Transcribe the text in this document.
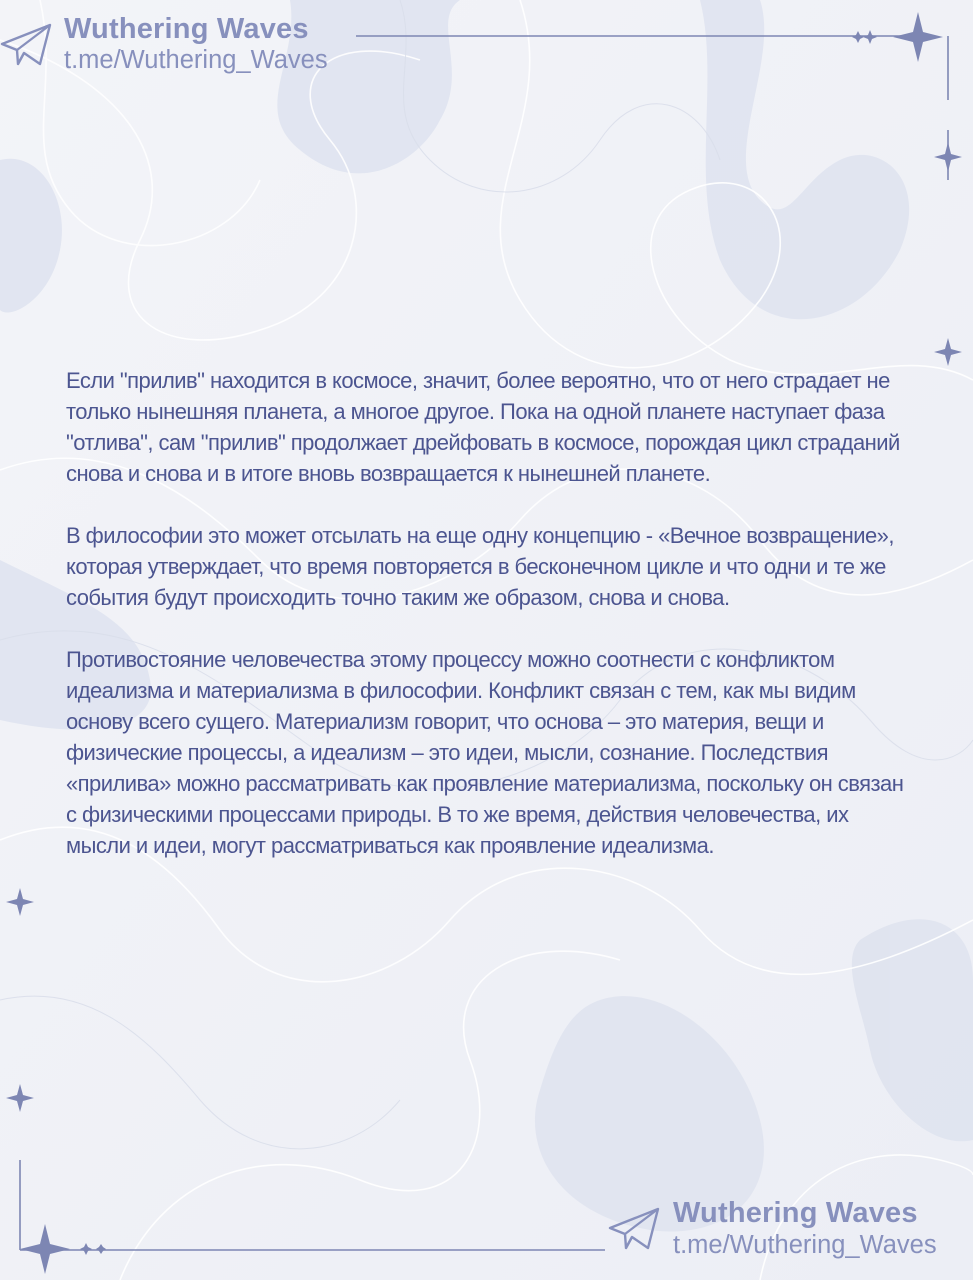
Wuthering Waves
t.me/Wuthering_Waves

Если "прилив" находится в космосе, значит, более вероятно, что от него страдает не только нынешняя планета, а многое другое. Пока на одной планете наступает фаза "отлива", сам "прилив" продолжает дрейфовать в космосе, порождая цикл страданий снова и снова и в итоге вновь возвращается к нынешней планете.

В философии это может отсылать на еще одну концепцию - «Вечное возвращение», которая утверждает, что время повторяется в бесконечном цикле и что одни и те же события будут происходить точно таким же образом, снова и снова.

Противостояние человечества этому процессу можно соотнести с конфликтом идеализма и материализма в философии. Конфликт связан с тем, как мы видим основу всего сущего. Материализм говорит, что основа – это материя, вещи и физические процессы, а идеализм – это идеи, мысли, сознание. Последствия «прилива» можно рассматривать как проявление материализма, поскольку он связан с физическими процессами природы. В то же время, действия человечества, их мысли и идеи, могут рассматриваться как проявление идеализма.

Wuthering Waves
t.me/Wuthering_Waves
